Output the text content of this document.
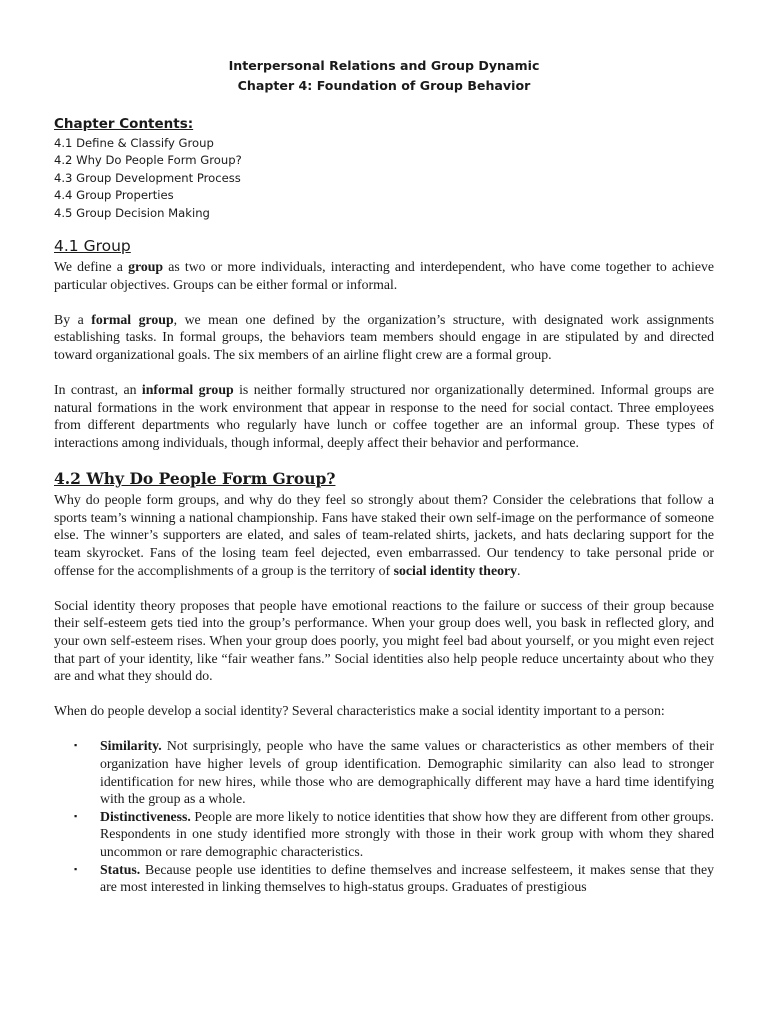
Interpersonal Relations and Group Dynamic

Chapter 4: Foundation of Group Behavior

Chapter Contents:
4.1 Define & Classify Group
4.2 Why Do People Form Group?
4.3 Group Development Process
4.4 Group Properties
4.5 Group Decision Making
4.1 Group

We define a group as two or more individuals, interacting and interdependent, who have come together to achieve particular objectives. Groups can be either formal or informal.

By a formal group, we mean one defined by the organization’s structure, with designated work assignments establishing tasks. In formal groups, the behaviors team members should engage in are stipulated by and directed toward organizational goals. The six members of an airline flight crew are a formal group.

In contrast, an informal group is neither formally structured nor organizationally determined. Informal groups are natural formations in the work environment that appear in response to the need for social contact. Three employees from different departments who regularly have lunch or coffee together are an informal group. These types of interactions among individuals, though informal, deeply affect their behavior and performance.

4.2 Why Do People Form Group?

Why do people form groups, and why do they feel so strongly about them? Consider the celebrations that follow a sports team’s winning a national championship. Fans have staked their own self-image on the performance of someone else. The winner’s supporters are elated, and sales of team-related shirts, jackets, and hats declaring support for the team skyrocket. Fans of the losing team feel dejected, even embarrassed. Our tendency to take personal pride or offense for the accomplishments of a group is the territory of social identity theory.

Social identity theory proposes that people have emotional reactions to the failure or success of their group because their self-esteem gets tied into the group’s performance. When your group does well, you bask in reflected glory, and your own self-esteem rises. When your group does poorly, you might feel bad about yourself, or you might even reject that part of your identity, like “fair weather fans.” Social identities also help people reduce uncertainty about who they are and what they should do.

When do people develop a social identity? Several characteristics make a social identity important to a person:

▪ Similarity. Not surprisingly, people who have the same values or characteristics as other members of their organization have higher levels of group identification. Demographic similarity can also lead to stronger identification for new hires, while those who are demographically different may have a hard time identifying with the group as a whole.
▪ Distinctiveness. People are more likely to notice identities that show how they are different from other groups. Respondents in one study identified more strongly with those in their work group with whom they shared uncommon or rare demographic characteristics.
▪ Status. Because people use identities to define themselves and increase selfesteem, it makes sense that they are most interested in linking themselves to high-status groups. Graduates of prestigious
